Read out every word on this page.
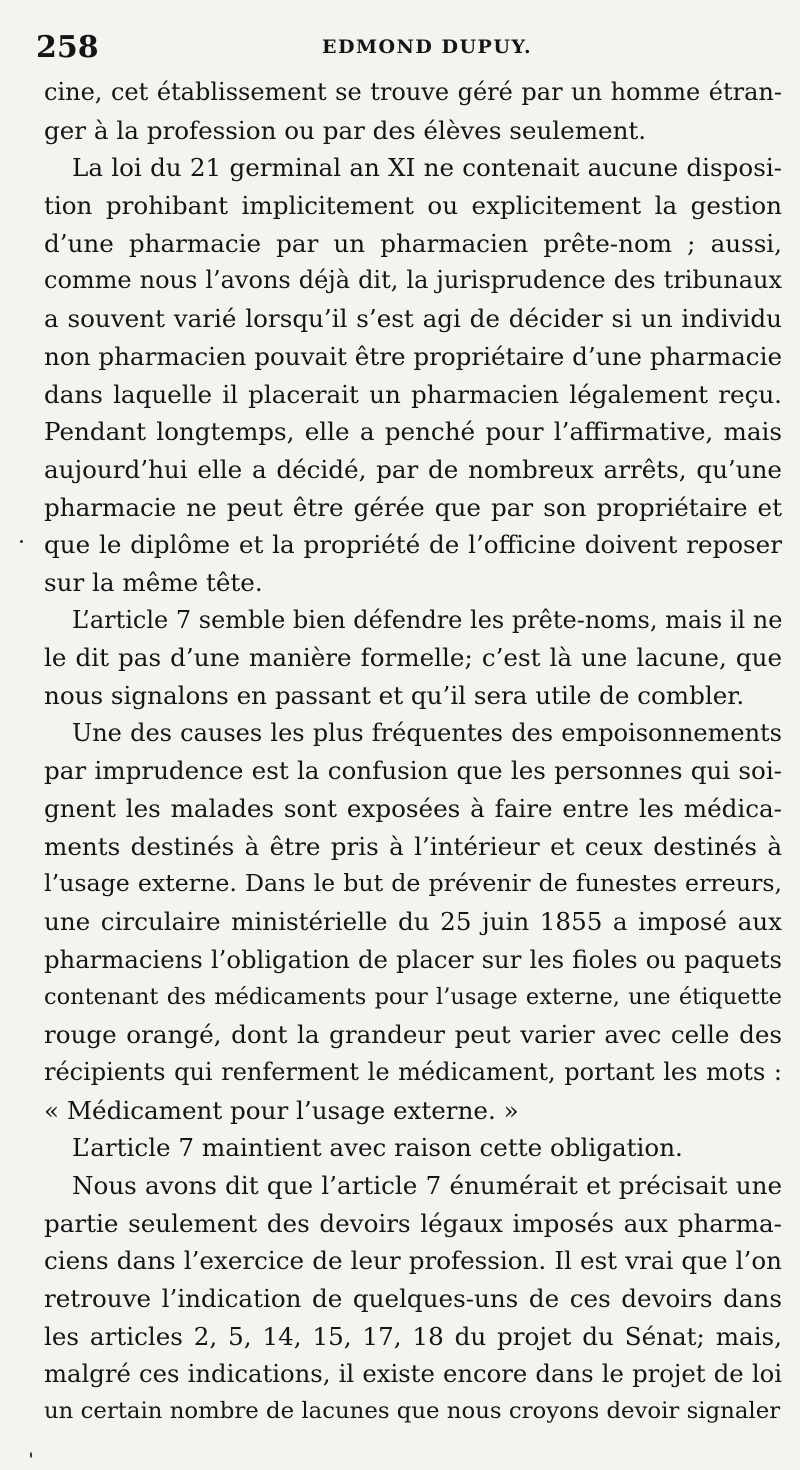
258	EDMOND DUPUY.
cine, cet établissement se trouve géré par un homme étran-
ger à la profession ou par des élèves seulement.
La loi du 21 germinal an XI ne contenait aucune disposi-
tion prohibant implicitement ou explicitement la gestion
d’une pharmacie par un pharmacien prête-nom ; aussi,
comme nous l’avons déjà dit, la jurisprudence des tribunaux
a souvent varié lorsqu’il s’est agi de décider si un individu
non pharmacien pouvait être propriétaire d’une pharmacie
dans laquelle il placerait un pharmacien légalement reçu.
Pendant longtemps, elle a penché pour l’affirmative, mais
aujourd’hui elle a décidé, par de nombreux arrêts, qu’une
pharmacie ne peut être gérée que par son propriétaire et
que le diplôme et la propriété de l’officine doivent reposer
sur la même tête.
L’article 7 semble bien défendre les prête-noms, mais il ne
le dit pas d’une manière formelle; c’est là une lacune, que
nous signalons en passant et qu’il sera utile de combler.
Une des causes les plus fréquentes des empoisonnements
par imprudence est la confusion que les personnes qui soi-
gnent les malades sont exposées à faire entre les médica-
ments destinés à être pris à l’intérieur et ceux destinés à
l’usage externe. Dans le but de prévenir de funestes erreurs,
une circulaire ministérielle du 25 juin 1855 a imposé aux
pharmaciens l’obligation de placer sur les fioles ou paquets
contenant des médicaments pour l’usage externe, une étiquette
rouge orangé, dont la grandeur peut varier avec celle des
récipients qui renferment le médicament, portant les mots :
« Médicament pour l’usage externe. »
L’article 7 maintient avec raison cette obligation.
Nous avons dit que l’article 7 énumérait et précisait une
partie seulement des devoirs légaux imposés aux pharma-
ciens dans l’exercice de leur profession. Il est vrai que l’on
retrouve l’indication de quelques-uns de ces devoirs dans
les articles 2, 5, 14, 15, 17, 18 du projet du Sénat; mais,
malgré ces indications, il existe encore dans le projet de loi
un certain nombre de lacunes que nous croyons devoir signaler
